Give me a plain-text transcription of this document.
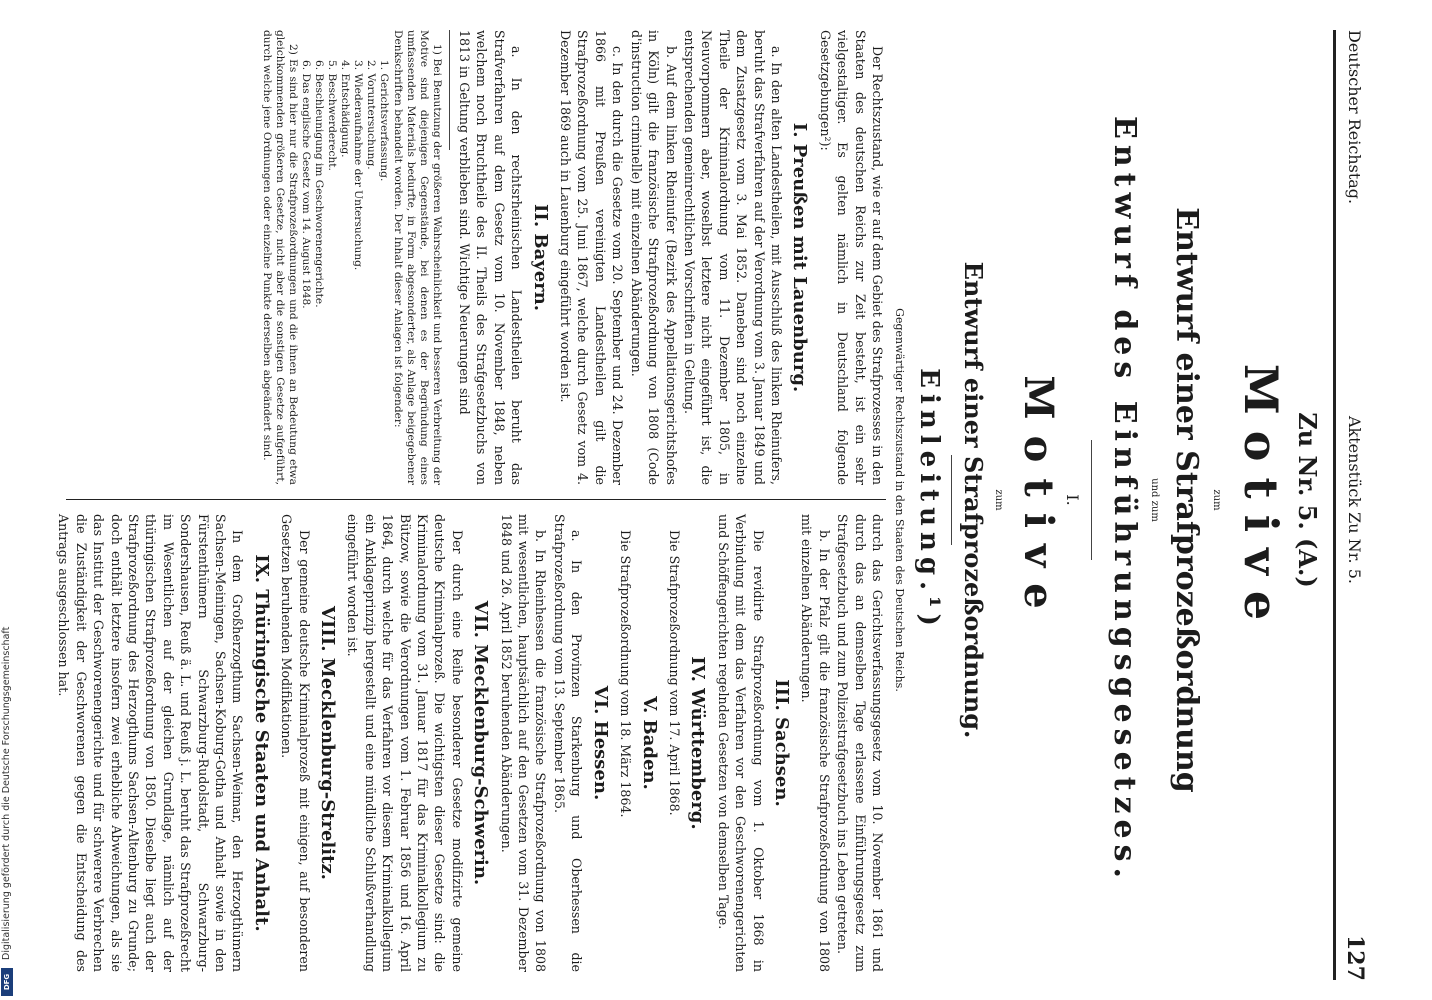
Deutscher Reichstag.
Aktenstück Zu Nr. 5.
127
Zu Nr. 5. (A.)
Motive
zum
Entwurf einer Strafprozeßordnung
und zum
Entwurf des Einführungsgesetzes.
I.
Motive
zum
Entwurf einer Strafprozeßordnung.
Einleitung.¹)
Gegenwärtiger Rechtszustand in den Staaten des Deutschen Reichs.

Der Rechtszustand, wie er auf dem Gebiet des Strafprozesses in den Staaten des deutschen Reichs zur Zeit besteht, ist ein sehr vielgestaltiger. Es gelten nämlich in Deutschland folgende Gesetzgebungen²):

I. Preußen mit Lauenburg.

a. In den alten Landestheilen, mit Ausschluß des linken Rheinufers, beruht das Strafverfahren auf der Verordnung vom 3. Januar 1849 und dem Zusatzgesetz vom 3. Mai 1852. Daneben sind noch einzelne Theile der Kriminalordnung vom 11. Dezember 1805, in Neuvorpommern aber, woselbst letztere nicht eingeführt ist, die entsprechenden gemeinrechtlichen Vorschriften in Geltung.

b. Auf dem linken Rheinufer (Bezirk des Appellationsgerichtshofes in Köln) gilt die französische Strafprozeßordnung von 1808 (Code d'instruction criminelle) mit einzelnen Abänderungen.

c. In den durch die Gesetze vom 20. September und 24. Dezember 1866 mit Preußen vereinigten Landestheilen gilt die Strafprozeßordnung vom 25. Juni 1867, welche durch Gesetz vom 4. Dezember 1869 auch in Lauenburg eingeführt worden ist.

II. Bayern.

a. In den rechtsrheinischen Landestheilen beruht das Strafverfahren auf dem Gesetz vom 10. November 1848, neben welchem noch Bruchtheile des II. Theils des Strafgesetzbuchs von 1813 in Geltung verblieben sind. Wichtige Neuerungen sind

1) Bei Benutzung der größeren Wahrscheinlichkeit und besseren Verbreitung der Motive sind diejenigen Gegenstände, bei denen es der Begründung eines umfassenden Materials bedurfte, in Form abgesonderter, als Anlage beigegebener Denkschriften behandelt worden. Der Inhalt dieser Anlagen ist folgender:

1. Gerichtsverfassung.
2. Voruntersuchung.
3. Wiederaufnahme der Untersuchung.
4. Entschädigung.
5. Beschwerderecht.
6. Beschleunigung im Geschworenengerichte.
6. Das englische Gesetz vom 14. August 1848.

2) Es sind hier nur die Strafprozeßordnungen und die ihnen an Bedeutung etwa gleichkommenden größeren Gesetze, nicht aber die sonstigen Gesetze aufgeführt, durch welche jene Ordnungen oder einzelne Punkte derselben abgeändert sind.

durch das Gerichtsverfassungsgesetz vom 10. November 1861 und durch das an demselben Tage erlassene Einführungsgesetz zum Strafgesetzbuch und zum Polizeistrafgesetzbuch ins Leben getreten.

b. In der Pfalz gilt die französische Strafprozeßordnung von 1808 mit einzelnen Abänderungen.

III. Sachsen.

Die revidirte Strafprozeßordnung vom 1. Oktober 1868 in Verbindung mit dem das Verfahren vor den Geschworenengerichten und Schöffengerichten regelnden Gesetzen von demselben Tage.

IV. Württemberg.

Die Strafprozeßordnung vom 17. April 1868.

V. Baden.

Die Strafprozeßordnung vom 18. März 1864.

VI. Hessen.

a. In den Provinzen Starkenburg und Oberhessen die Strafprozeßordnung vom 13. September 1865.

b. In Rheinhessen die französische Strafprozeßordnung von 1808 mit wesentlichen, hauptsächlich auf den Gesetzen vom 31. Dezember 1848 und 26. April 1852 beruhenden Abänderungen.

VII. Mecklenburg-Schwerin.

Der durch eine Reihe besonderer Gesetze modifizirte gemeine deutsche Kriminalprozeß. Die wichtigsten dieser Gesetze sind: die Kriminalordnung vom 31. Januar 1817 für das Kriminalkollegium zu Bützow, sowie die Verordnungen vom 1. Februar 1856 und 16. April 1864, durch welche für das Verfahren vor diesem Kriminalkollegium ein Anklageprinzip hergestellt und eine mündliche Schlußverhandlung eingeführt worden ist.

VIII. Mecklenburg-Strelitz.

Der gemeine deutsche Kriminalprozeß mit einigen, auf besonderen Gesetzen beruhenden Modifikationen.

IX. Thüringische Staaten und Anhalt.

In dem Großherzogthum Sachsen-Weimar, den Herzogthümern Sachsen-Meiningen, Sachsen-Koburg-Gotha und Anhalt sowie in den Fürstenthümern Schwarzburg-Rudolstadt, Schwarzburg-Sondershausen, Reuß ä. L. und Reuß j. L. beruht das Strafprozeßrecht im Wesentlichen auf der gleichen Grundlage, nämlich auf der thüringischen Strafprozeßordnung von 1850. Dieselbe liegt auch der Strafprozeßordnung des Herzogthums Sachsen-Altenburg zu Grunde; doch enthält letztere insofern zwei erhebliche Abweichungen, als sie das Institut der Geschworenengerichte und für schwerere Verbrechen die Zuständigkeit der Geschworenen gegen die Entscheidung des Antrags ausgeschlossen hat.

Digitalisierung gefördert durch die Deutsche Forschungsgemeinschaft
DFG
